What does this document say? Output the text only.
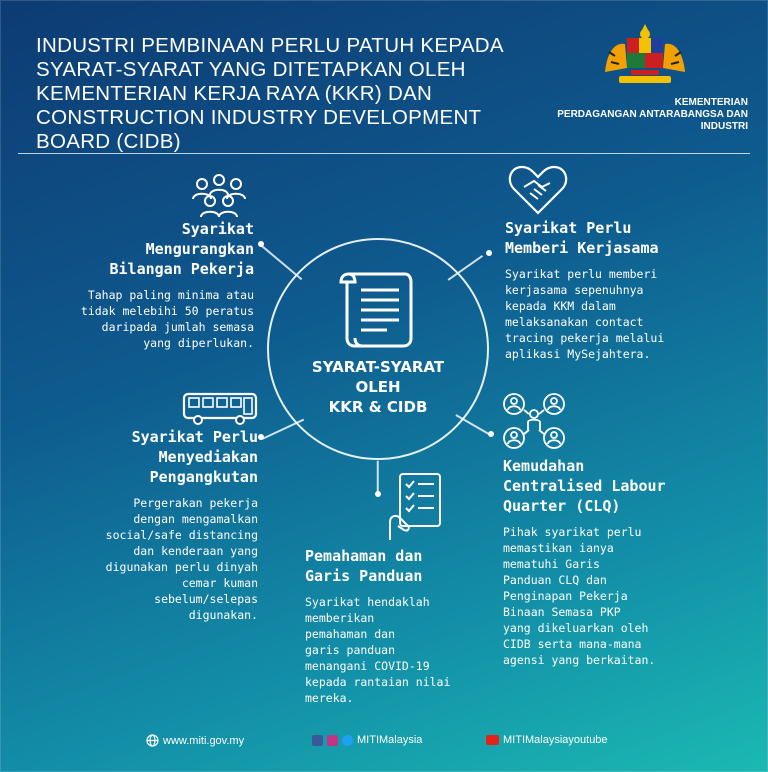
INDUSTRI PEMBINAAN PERLU PATUH KEPADA SYARAT-SYARAT YANG DITETAPKAN OLEH KEMENTERIAN KERJA RAYA (KKR) DAN CONSTRUCTION INDUSTRY DEVELOPMENT BOARD (CIDB)
KEMENTERIAN
PERDAGANGAN ANTARABANGSA DAN INDUSTRI
SYARAT-SYARAT
OLEH
KKR & CIDB
Syarikat
Mengurangkan
Bilangan Pekerja
Tahap paling minima atau
tidak melebihi 50 peratus
daripada jumlah semasa
yang diperlukan.
Syarikat Perlu
Memberi Kerjasama
Syarikat perlu memberi
kerjasama sepenuhnya
kepada KKM dalam
melaksanakan contact
tracing pekerja melalui
aplikasi MySejahtera.
Syarikat Perlu
Menyediakan
Pengangkutan
Pergerakan pekerja
dengan mengamalkan
social/safe distancing
dan kenderaan yang
digunakan perlu dinyah
cemar kuman
sebelum/selepas
digunakan.
Kemudahan
Centralised Labour
Quarter (CLQ)
Pihak syarikat perlu
memastikan ianya
mematuhi Garis
Panduan CLQ dan
Penginapan Pekerja
Binaan Semasa PKP
yang dikeluarkan oleh
CIDB serta mana-mana
agensi yang berkaitan.
Pemahaman dan
Garis Panduan
Syarikat hendaklah
memberikan
pemahaman dan
garis panduan
menangani COVID-19
kepada rantaian nilai
mereka.
www.miti.gov.my	MITIMalaysia	MITIMalaysiayoutube
